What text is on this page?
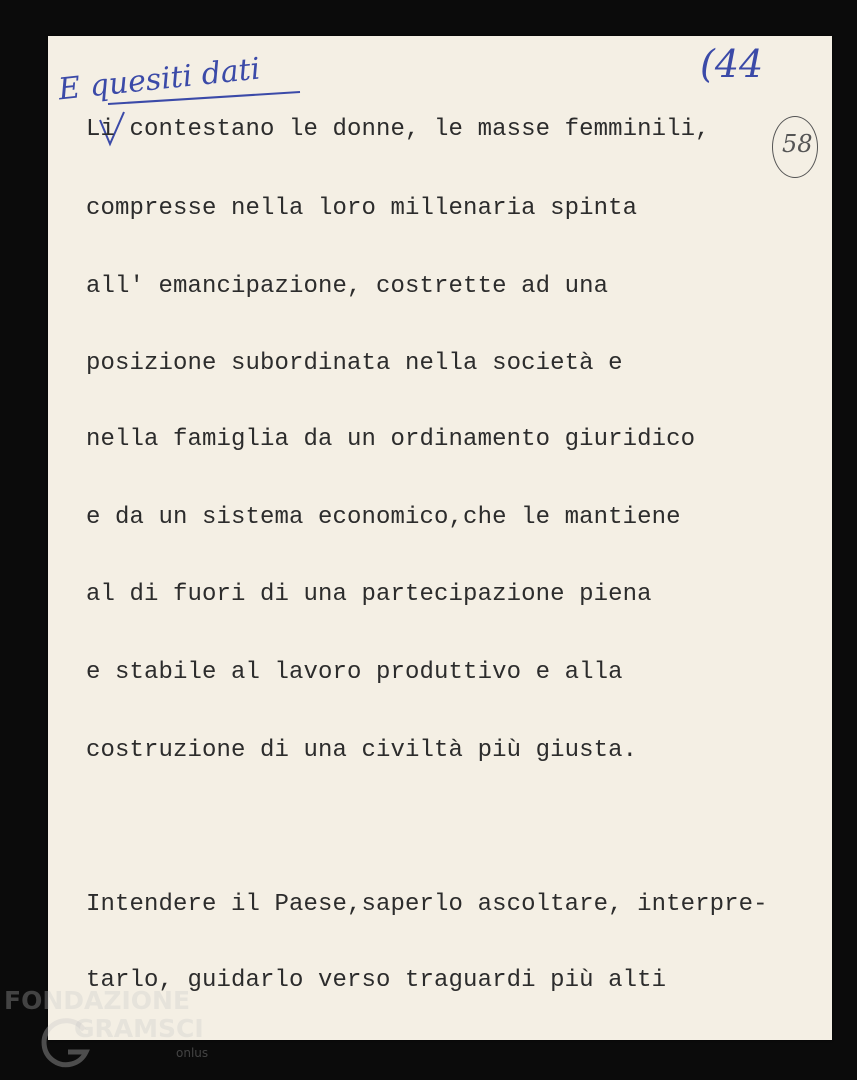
E quesiti dati	(44
58
Li contestano le donne, le masse femminili,
compresse nella loro millenaria spinta
all' emancipazione, costrette ad una
posizione subordinata nella società e
nella famiglia da un ordinamento giuridico
e da un sistema economico,che le mantiene
al di fuori di una partecipazione piena
e stabile al lavoro produttivo e alla
costruzione di una civiltà più giusta.
Intendere il Paese,saperlo ascoltare, interpre-
tarlo, guidarlo verso traguardi più alti
FONDAZIONE
GRAMSCI
onlus
